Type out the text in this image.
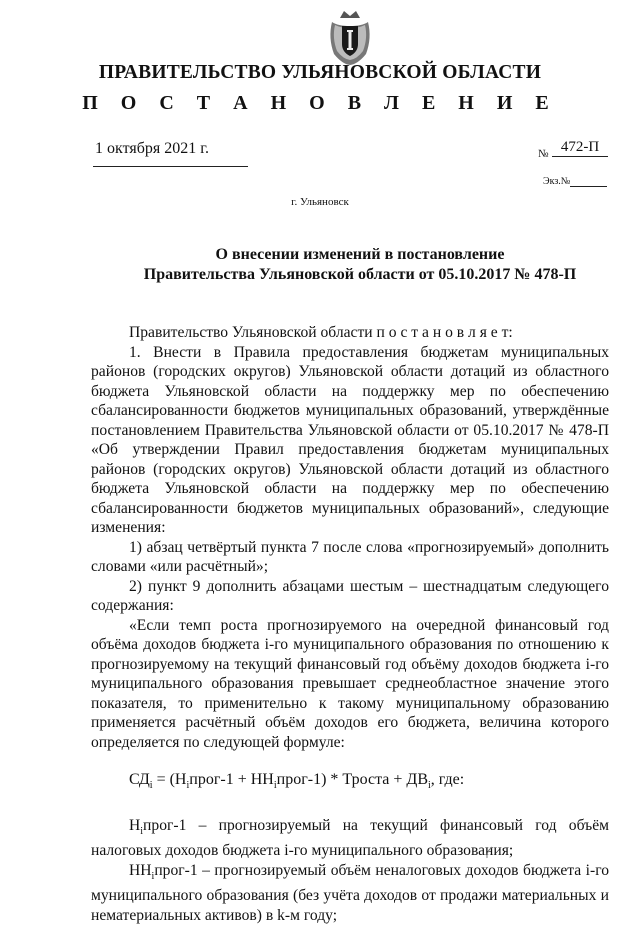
ПРАВИТЕЛЬСТВО УЛЬЯНОВСКОЙ ОБЛАСТИ
П О С Т А Н О В Л Е Н И Е
1 октября 2021 г.	№ 472-П
Экз.№
г. Ульяновск
О внесении изменений в постановление
Правительства Ульяновской области от 05.10.2017 № 478-П

Правительство Ульяновской области п о с т а н о в л я е т:

1. Внести в Правила предоставления бюджетам муниципальных районов (городских округов) Ульяновской области дотаций из областного бюджета Ульяновской области на поддержку мер по обеспечению сбалансированности бюджетов муниципальных образований, утверждённые постановлением Правительства Ульяновской области от 05.10.2017 № 478-П «Об утверждении Правил предоставления бюджетам муниципальных районов (городских округов) Ульяновской области дотаций из областного бюджета Ульяновской области на поддержку мер по обеспечению сбалансированности бюджетов муниципальных образований», следующие изменения:

1) абзац четвёртый пункта 7 после слова «прогнозируемый» дополнить словами «или расчётный»;

2) пункт 9 дополнить абзацами шестым – шестнадцатым следующего содержания:

«Если темп роста прогнозируемого на очередной финансовый год объёма доходов бюджета i-го муниципального образования по отношению к прогнозируемому на текущий финансовый год объёму доходов бюджета i-го муниципального образования превышает среднеобластное значение этого показателя, то применительно к такому муниципальному образованию применяется расчётный объём доходов его бюджета, величина которого определяется по следующей формуле:

$СД_i$ = ($Н_iпрог-1$ + $НН_iпрог-1$) * Троста + $ДВ_i$, где:

$Н_iпрог-1$ – прогнозируемый на текущий финансовый год объём налоговых доходов бюджета i-го муниципального образования;

$НН_iпрог-1$ – прогнозируемый объём неналоговых доходов бюджета i-го муниципального образования (без учёта доходов от продажи материальных и нематериальных активов) в k-м году;
